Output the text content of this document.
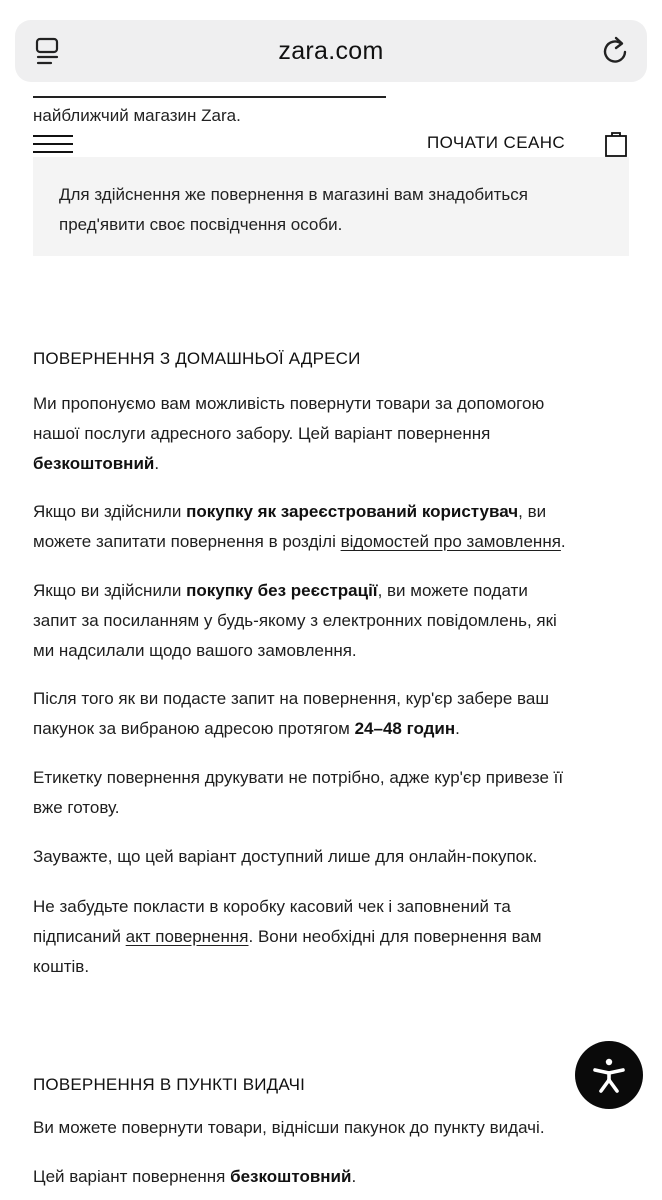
zara.com
найближчий магазин Zara.
ПОЧАТИ СЕАНС
Для здійснення же повернення в магазині вам знадобиться
пред'явити своє посвідчення особи.
ПОВЕРНЕННЯ З ДОМАШНЬОЇ АДРЕСИ
Ми пропонуємо вам можливість повернути товари за допомогою
нашої послуги адресного забору. Цей варіант повернення
безкоштовний.
Якщо ви здійснили покупку як зареєстрований користувач, ви
можете запитати повернення в розділі відомостей про замовлення.
Якщо ви здійснили покупку без реєстрації, ви можете подати
запит за посиланням у будь-якому з електронних повідомлень, які
ми надсилали щодо вашого замовлення.
Після того як ви подасте запит на повернення, кур'єр забере ваш
пакунок за вибраною адресою протягом 24–48 годин.
Етикетку повернення друкувати не потрібно, адже кур'єр привезе її
вже готову.
Зауважте, що цей варіант доступний лише для онлайн-покупок.
Не забудьте покласти в коробку касовий чек і заповнений та
підписаний акт повернення. Вони необхідні для повернення вам
коштів.
ПОВЕРНЕННЯ В ПУНКТІ ВИДАЧІ
Ви можете повернути товари, віднісши пакунок до пункту видачі.
Цей варіант повернення безкоштовний.
